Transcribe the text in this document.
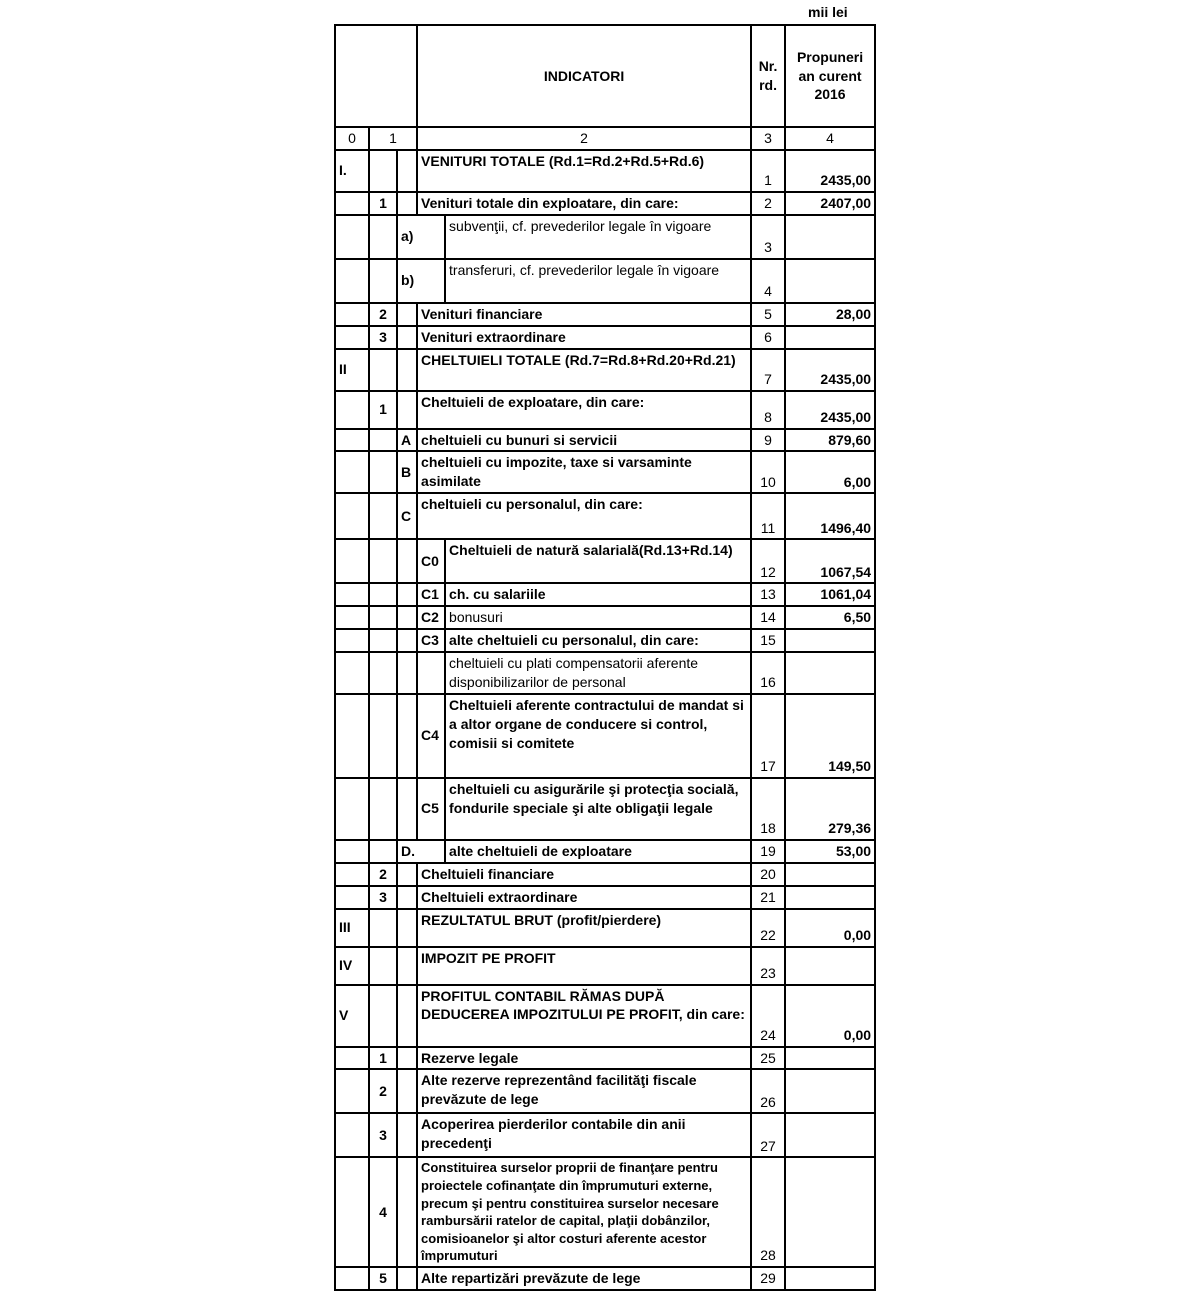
mii lei
			INDICATORI		Nr. rd.	Propuneri an curent 2016
0	1		2		3	4
I.			VENITURI TOTALE (Rd.1=Rd.2+Rd.5+Rd.6)		1	2435,00
	1		Venituri totale din exploatare, din care:		2	2407,00
		a)		subvenţii, cf. prevederilor legale în vigoare	3	
		b)		transferuri, cf. prevederilor legale în vigoare	4	
	2		Venituri financiare		5	28,00
	3		Venituri extraordinare		6	
II			CHELTUIELI TOTALE (Rd.7=Rd.8+Rd.20+Rd.21)		7	2435,00
	1		Cheltuieli de exploatare, din care:		8	2435,00
		A	cheltuieli cu bunuri si servicii		9	879,60
		B	cheltuieli cu impozite, taxe si varsaminte asimilate		10	6,00
		C	cheltuieli cu personalul, din care:		11	1496,40
			C0	Cheltuieli de natură salarială(Rd.13+Rd.14)	12	1067,54
			C1	ch. cu salariile	13	1061,04
			C2	bonusuri	14	6,50
			C3	alte cheltuieli cu personalul, din care:	15	
				cheltuieli cu plati compensatorii aferente disponibilizarilor de personal	16	
			C4	Cheltuieli aferente contractului de mandat si a altor organe de conducere si control, comisii si comitete	17	149,50
			C5	cheltuieli cu asigurările şi protecţia socială, fondurile speciale şi alte obligaţii legale	18	279,36
		D.		alte cheltuieli de exploatare	19	53,00
	2		Cheltuieli financiare		20	
	3		Cheltuieli extraordinare		21	
III			REZULTATUL BRUT (profit/pierdere)		22	0,00
IV			IMPOZIT PE PROFIT		23	
V			PROFITUL CONTABIL RĂMAS DUPĂ DEDUCEREA IMPOZITULUI PE PROFIT, din care:		24	0,00
	1		Rezerve legale		25	
	2		Alte rezerve reprezentând facilităţi fiscale prevăzute de lege		26	
	3		Acoperirea pierderilor contabile din anii precedenţi		27	
	4		Constituirea surselor proprii de finanţare pentru proiectele cofinanţate din împrumuturi externe, precum şi pentru constituirea surselor necesare rambursării ratelor de capital, plaţii dobânzilor, comisioanelor şi altor costuri aferente acestor împrumuturi		28	
	5		Alte repartizări prevăzute de lege		29	
